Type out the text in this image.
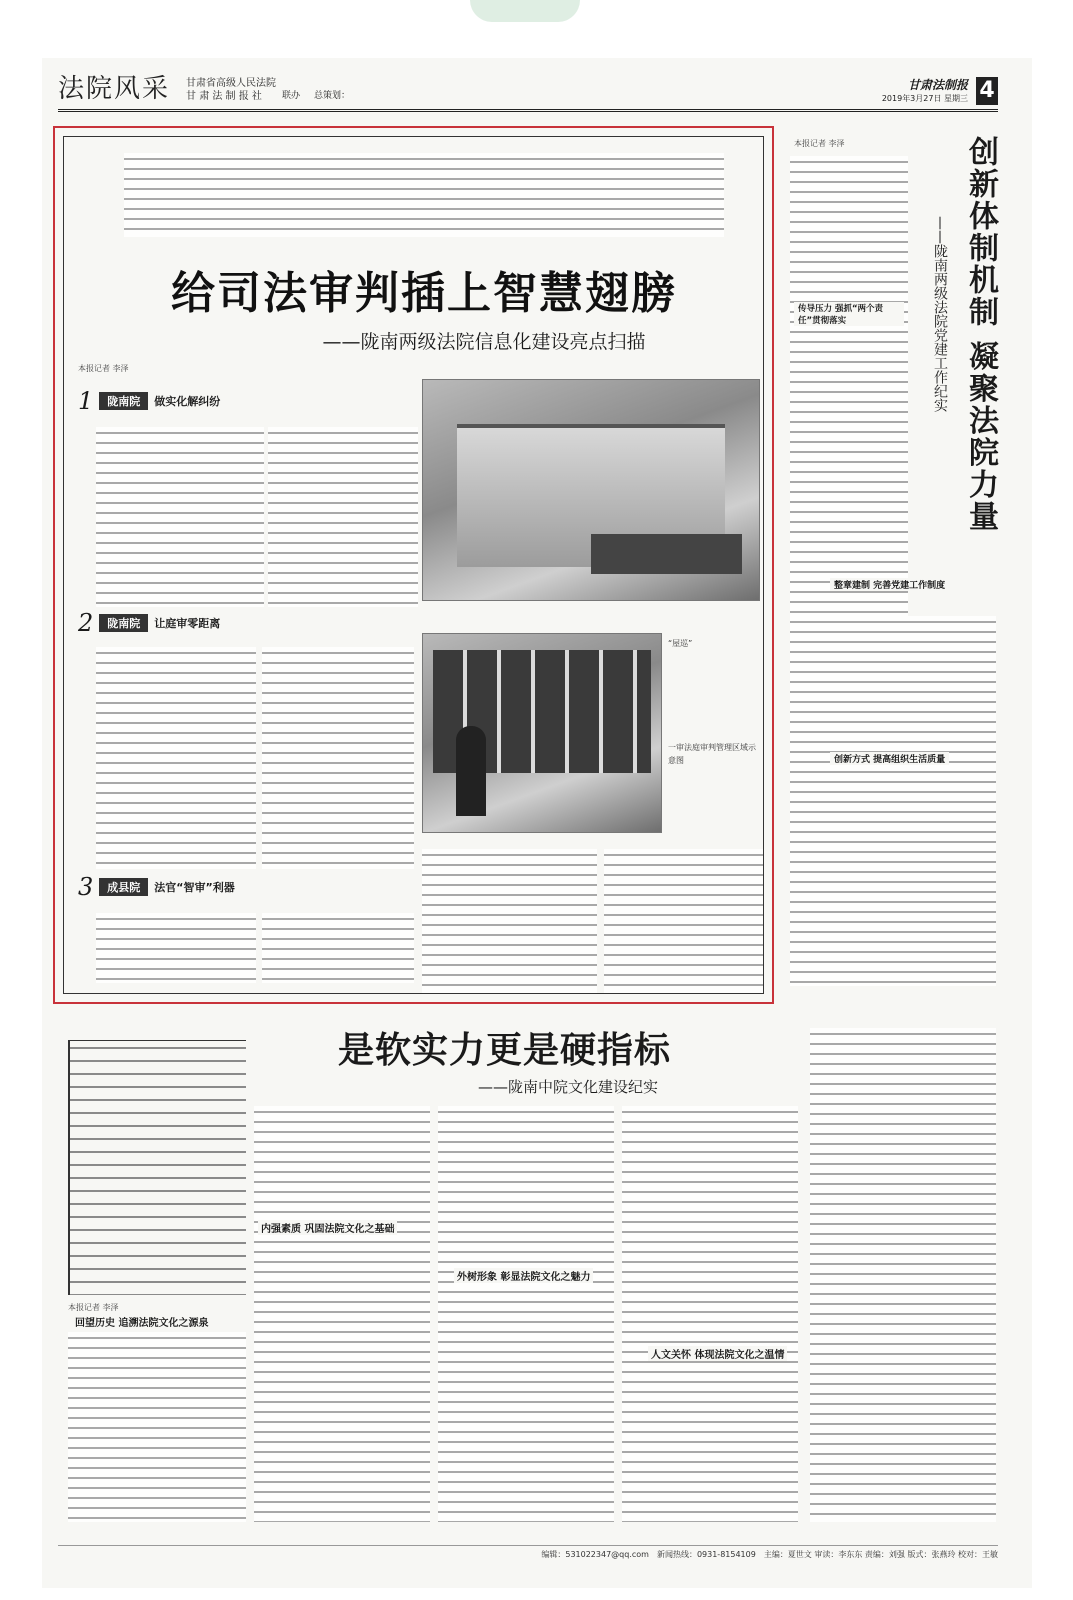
法院风采 甘肃省高级人民法院
甘 肃 法 制 报 社	联办 总策划：
甘肃法制报
2019年3月27日 星期三 4
给司法审判插上智慧翅膀
——陇南两级法院信息化建设亮点扫描
本报记者 李泽
1	陇南院	做实化解纠纷
2	陇南院	让庭审零距离
“屋巡”
一审法庭审判管理区域示意图
3	成县院	法官“智审”利器
创新体制机制 凝聚法院力量
——陇南两级法院党建工作纪实
本报记者 李泽
传导压力 强抓“两个责任”贯彻落实
整章建制 完善党建工作制度
创新方式 提高组织生活质量
是软实力更是硬指标
——陇南中院文化建设纪实
本报记者 李泽
回望历史 追溯法院文化之源泉
内强素质 巩固法院文化之基础
外树形象 彰显法院文化之魅力
人文关怀 体现法院文化之温情
编辑：531022347@qq.com　新闻热线：0931-8154109　主编：夏世文 审读：李东东 责编：刘强 版式：张燕玲 校对：王敏
